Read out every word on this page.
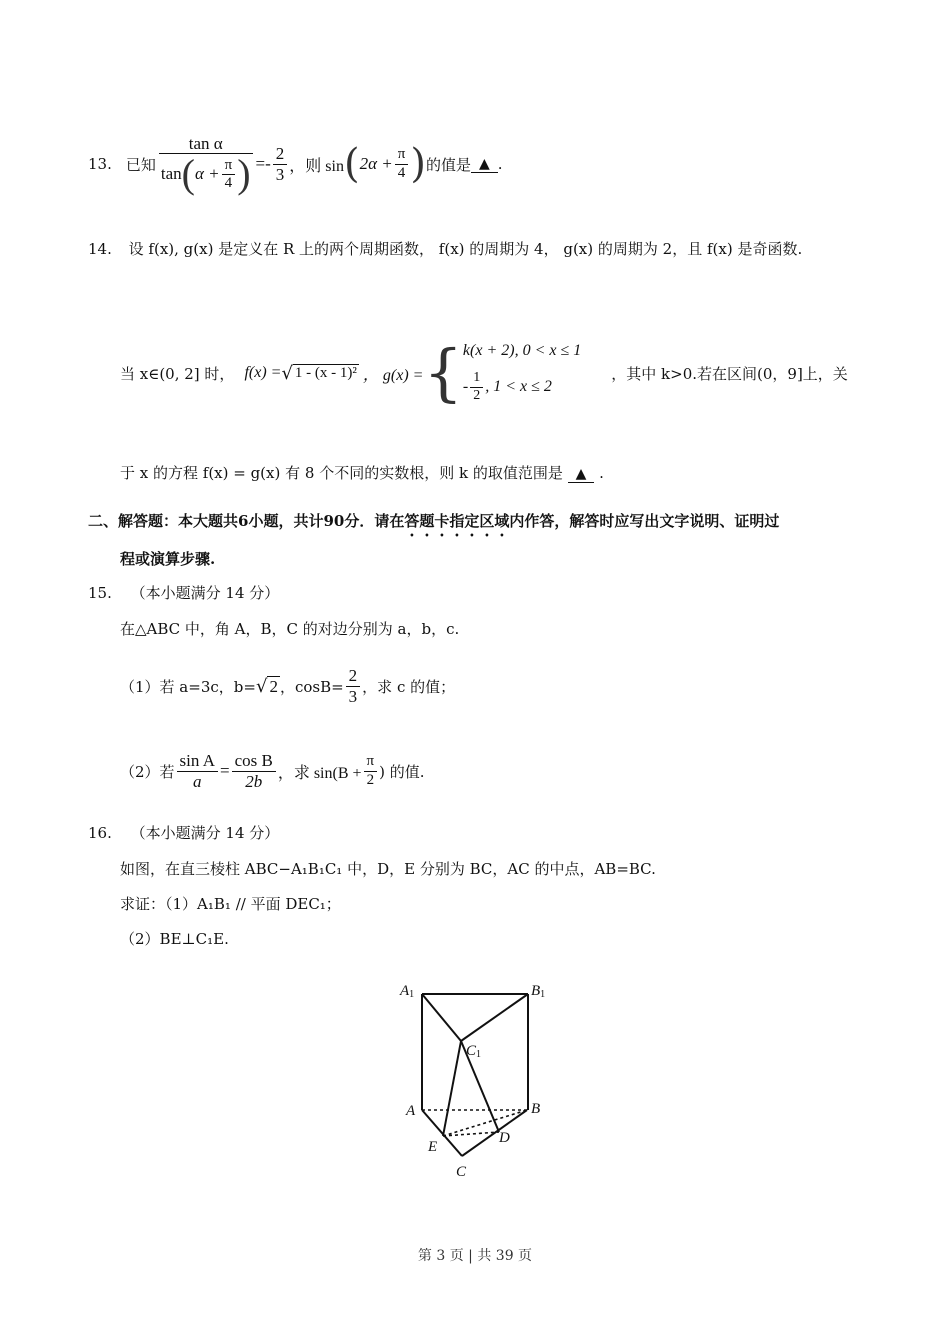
13. 已知
tan α
tan ( $\alpha + \frac{\pi}{4}$ ) =- $\frac{2}{3}$ ，则 sin ( $2\alpha + \frac{\pi}{4}$ ) 的值是 ▲ .
14. 设 f(x), g(x) 是定义在 R 上的两个周期函数， f(x) 的周期为 4， g(x) 的周期为 2，且 f(x) 是奇函数.
当 x∈(0, 2] 时， f(x) = √ 1 - (x - 1)² ， g(x) = { k(x + 2), 0 < x ≤ 1
- $\frac{1}{2}$ , 1 < x ≤ 2
，其中 k>0.若在区间(0，9]上，关
于 x 的方程 f(x) = g(x) 有 8 个不同的实数根，则 k 的取值范围是 ▲ .
二、解答题：本大题共6小题，共计90分．请在答题卡指定区域内作答，解答时应写出文字说明、证明过
程或演算步骤.
15. （本小题满分 14 分）
在△ABC 中，角 A，B，C 的对边分别为 a，b，c.
（1）若 a=3c，b= √ 2 ，$\cos B= \frac{2}{3}$ ，求 c 的值；
（2）若 $\frac{\text{sin A}}{a} = \frac{\text{cos B}}{2b}$ ，求 $\sin(B + \frac{\pi}{2}$ ) 的值.
16. （本小题满分 14 分）
如图，在直三棱柱 ABC−A₁B₁C₁ 中，D，E 分别为 BC，AC 的中点，AB=BC.
求证：（1）A₁B₁ // 平面 DEC₁；
（2）BE⊥C₁E.
A1	B1
C1
A	B
E
D
C
第 3 页 | 共 39 页
